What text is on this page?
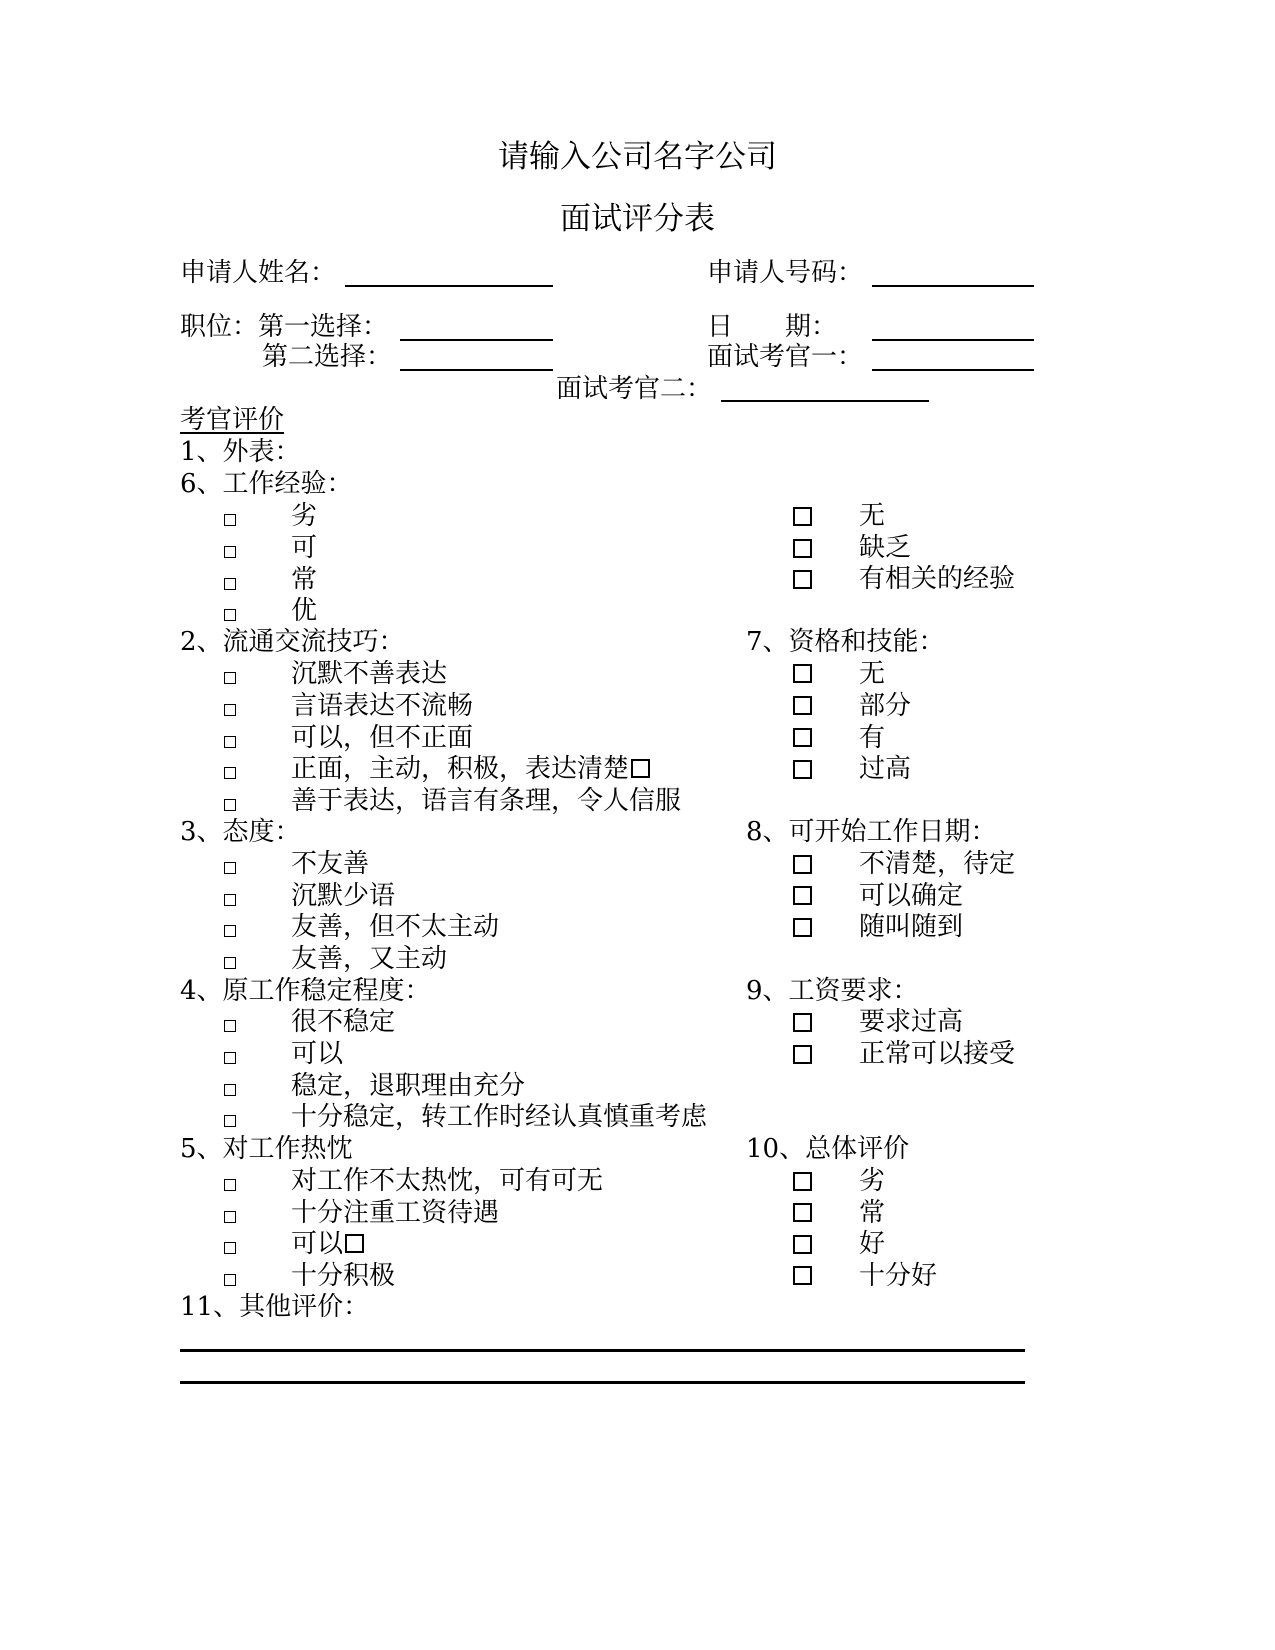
请输入公司名字公司
面试评分表
申请人姓名：	申请人号码：
职位：第一选择：	日　　期：
第二选择：	面试考官一：
面试考官二：
考官评价
1、外表：
6、工作经验：
劣
可
常
优
无
缺乏
有相关的经验
2、流通交流技巧：
沉默不善表达
言语表达不流畅
可以，但不正面
正面，主动，积极，表达清楚
善于表达，语言有条理，令人信服
7、资格和技能：
无
部分
有
过高
3、态度：
不友善
沉默少语
友善，但不太主动
友善，又主动
8、可开始工作日期：
不清楚，待定
可以确定
随叫随到
4、原工作稳定程度：
很不稳定
可以
稳定，退职理由充分
十分稳定，转工作时经认真慎重考虑
9、工资要求：
要求过高
正常可以接受
5、对工作热忱
对工作不太热忱，可有可无
十分注重工资待遇
可以
十分积极
10、总体评价
劣
常
好
十分好
11、其他评价：
